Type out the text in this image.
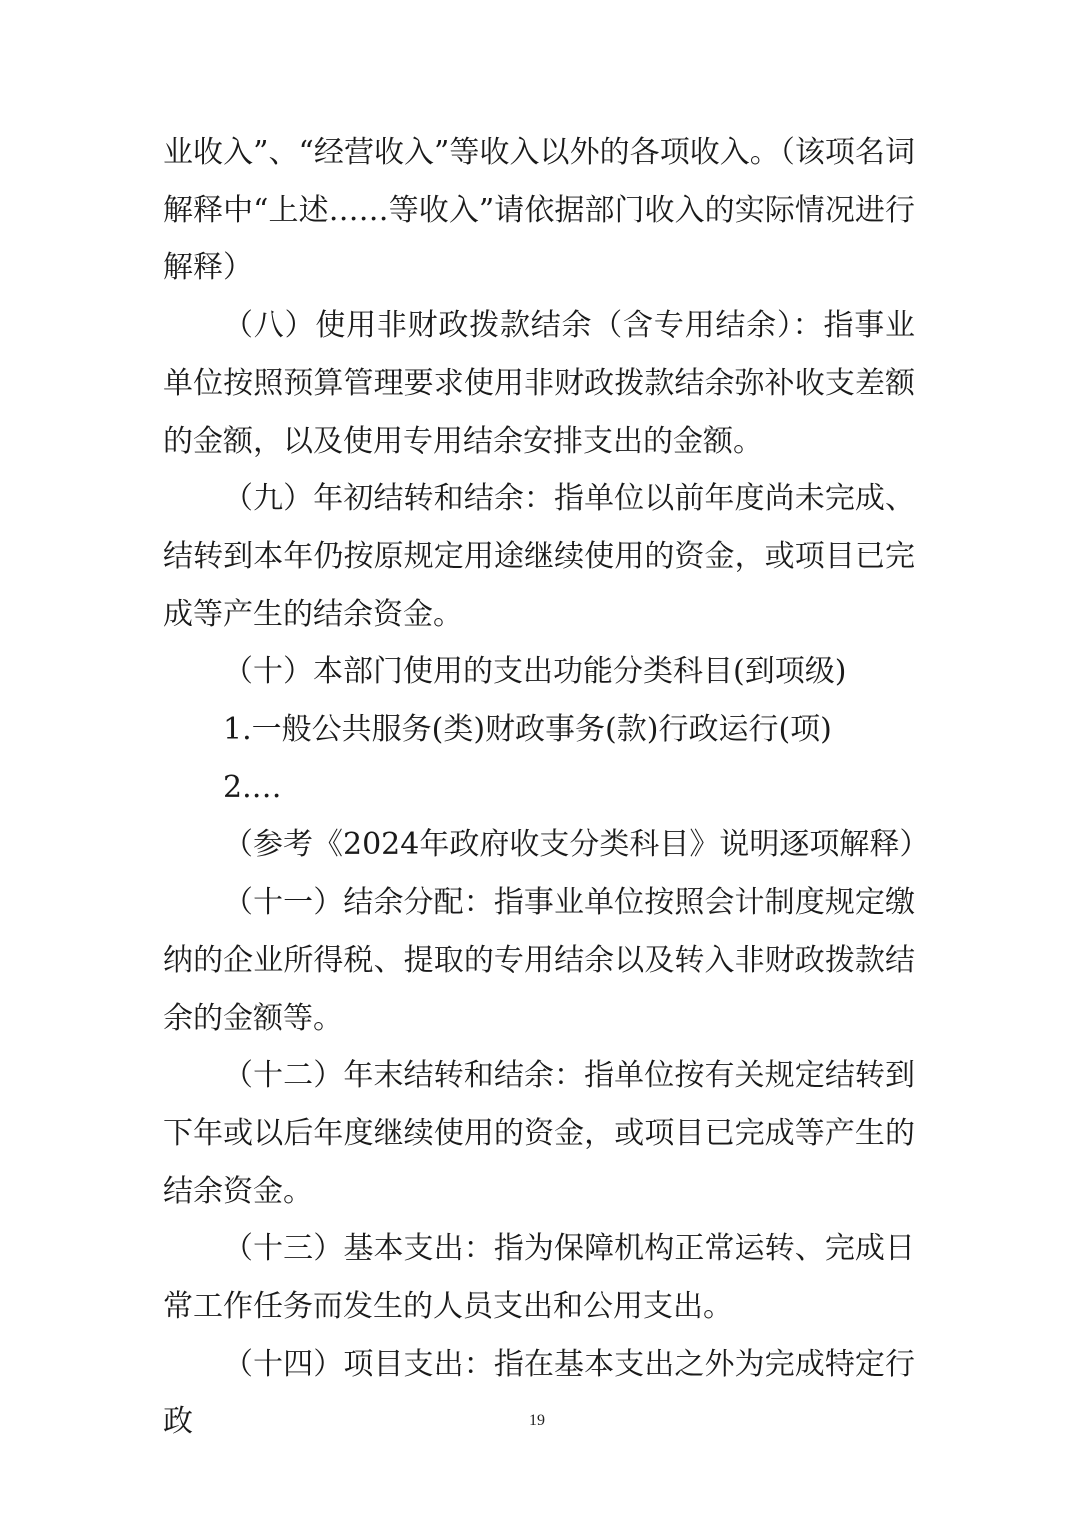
业收入”、“经营收入”等收入以外的各项收入。（该项名词解释中“上述……等收入”请依据部门收入的实际情况进行解释）

（八）使用非财政拨款结余（含专用结余）：指事业单位按照预算管理要求使用非财政拨款结余弥补收支差额的金额，以及使用专用结余安排支出的金额。

（九）年初结转和结余：指单位以前年度尚未完成、结转到本年仍按原规定用途继续使用的资金，或项目已完成等产生的结余资金。

（十）本部门使用的支出功能分类科目(到项级)

1.一般公共服务(类)财政事务(款)行政运行(项)

2.…

（参考《2024年政府收支分类科目》说明逐项解释）

（十一）结余分配：指事业单位按照会计制度规定缴纳的企业所得税、提取的专用结余以及转入非财政拨款结余的金额等。

（十二）年末结转和结余：指单位按有关规定结转到下年或以后年度继续使用的资金，或项目已完成等产生的结余资金。

（十三）基本支出：指为保障机构正常运转、完成日常工作任务而发生的人员支出和公用支出。

（十四）项目支出：指在基本支出之外为完成特定行政	19
